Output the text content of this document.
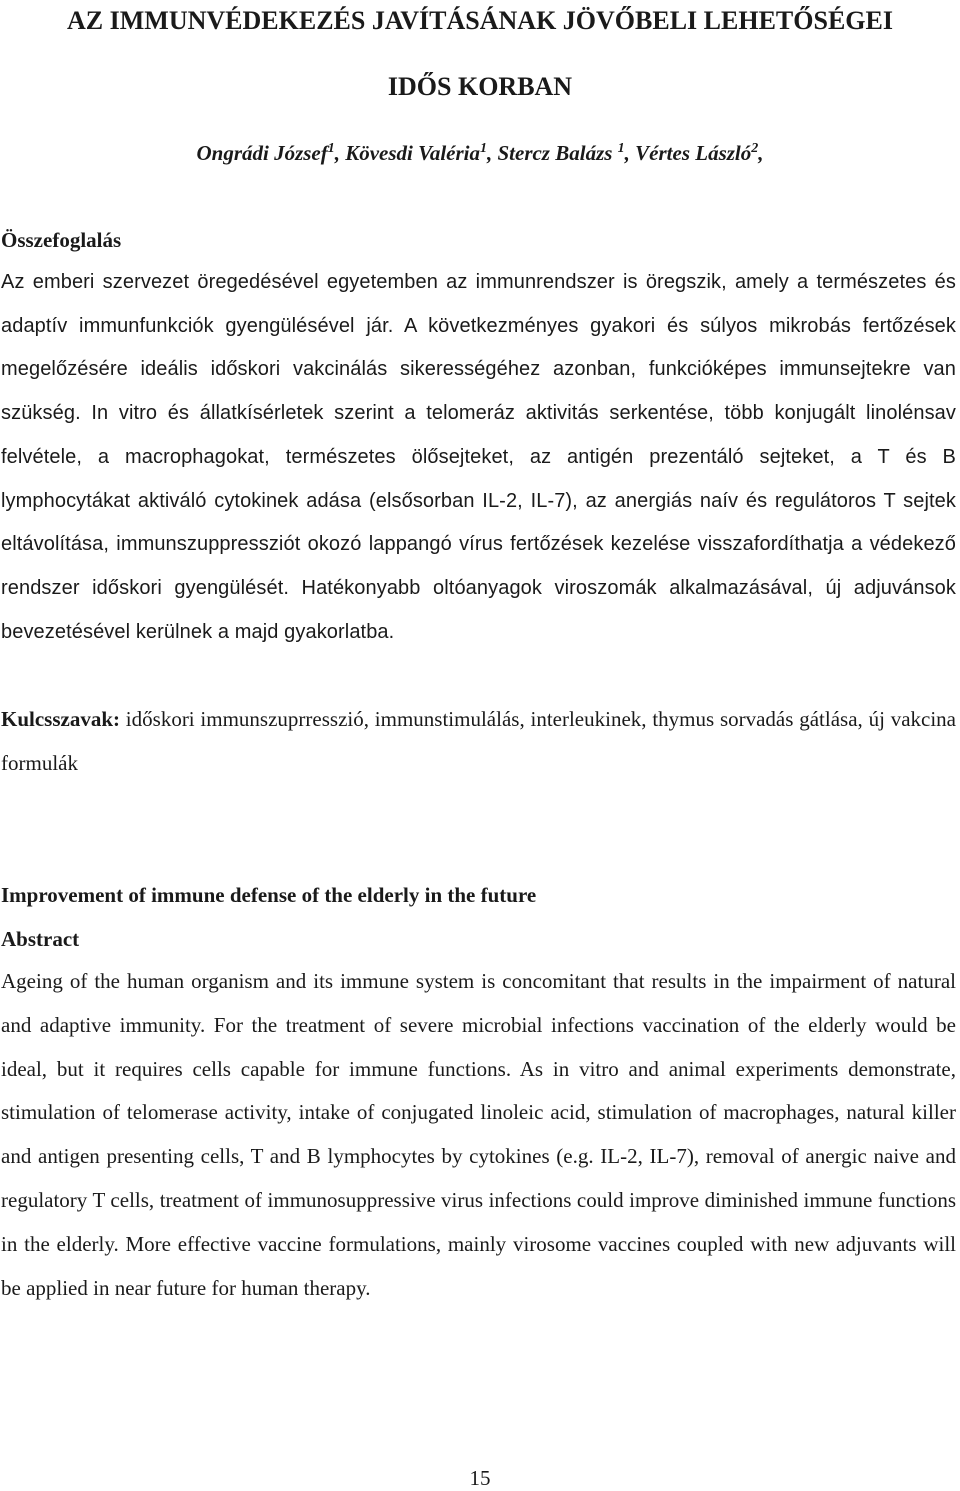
AZ IMMUNVÉDEKEZÉS JAVÍTÁSÁNAK JÖVŐBELI LEHETŐSÉGEI
IDŐS KORBAN
Ongrádi József$^1$, Kövesdi Valéria$^1$, Stercz Balázs $^1$, Vértes László$^2$,
Összefoglalás

Az emberi szervezet öregedésével egyetemben az immunrendszer is öregszik, amely a természetes és adaptív immunfunkciók gyengülésével jár. A következményes gyakori és súlyos mikrobás fertőzések megelőzésére ideális időskori vakcinálás sikerességéhez azonban, funkcióképes immunsejtekre van szükség. In vitro és állatkísérletek szerint a telomeráz aktivitás serkentése, több konjugált linolénsav felvétele, a macrophagokat, természetes ölősejteket, az antigén prezentáló sejteket, a T és B lymphocytákat aktiváló cytokinek adása (elsősorban IL-2, IL-7), az anergiás naív és regulátoros T sejtek eltávolítása, immunszuppressziót okozó lappangó vírus fertőzések kezelése visszafordíthatja a védekező rendszer időskori gyengülését. Hatékonyabb oltóanyagok viroszomák alkalmazásával, új adjuvánsok bevezetésével kerülnek a majd gyakorlatba.

Kulcsszavak: időskori immunszuprresszió, immunstimulálás, interleukinek, thymus sorvadás gátlása, új vakcina formulák

Improvement of immune defense of the elderly in the future
Abstract

Ageing of the human organism and its immune system is concomitant that results in the impairment of natural and adaptive immunity. For the treatment of severe microbial infections vaccination of the elderly would be ideal, but it requires cells capable for immune functions. As in vitro and animal experiments demonstrate, stimulation of telomerase activity, intake of conjugated linoleic acid, stimulation of macrophages, natural killer and antigen presenting cells, T and B lymphocytes by cytokines (e.g. IL-2, IL-7), removal of anergic naive and regulatory T cells, treatment of immunosuppressive virus infections could improve diminished immune functions in the elderly. More effective vaccine formulations, mainly virosome vaccines coupled with new adjuvants will be applied in near future for human therapy.

15
